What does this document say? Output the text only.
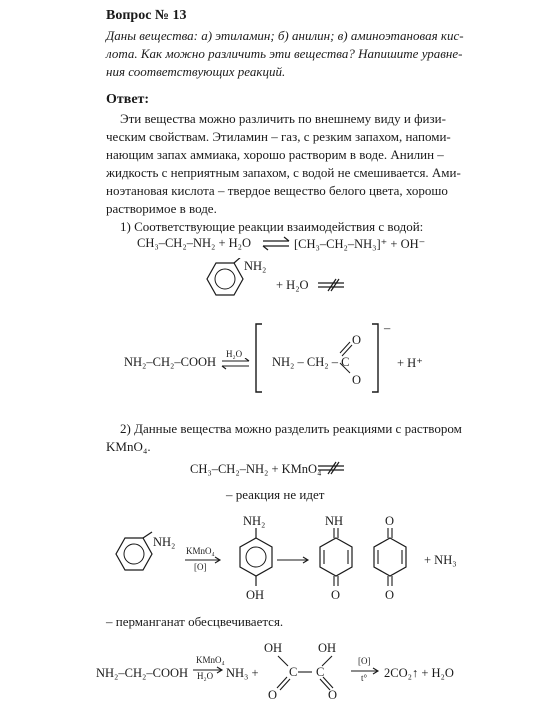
Вопрос № 13
Даны вещества: а) этиламин; б) анилин; в) аминоэтановая кис-
лота. Как можно различить эти вещества? Напишите уравне-
ния соответствующих реакций.
Ответ:
Эти вещества можно различить по внешнему виду и физи-
ческим свойствам. Этиламин – газ, с резким запахом, напоми-
нающим запах аммиака, хорошо растворим в воде. Анилин –
жидкость с неприятным запахом, с водой не смешивается. Ами-
ноэтановая кислота – твердое вещество белого цвета, хорошо
растворимое в воде.
1) Соответствующие реакции взаимодействия с водой:
CH₃–CH₂–NH₂ + H₂O ⇌ [CH₃–CH₂–NH₃]⁺ + OH⁻
NH₂
+ H₂O
NH₂–CH₂–COOH
H₂O
⇌ NH₂ – CH₂ – C
O
O
–
+ H⁺
2) Данные вещества можно разделить реакциями с раствором
KMnO₄.
CH₃–CH₂–NH₂ + KMnO₄
– реакция не идет
NH₂
KMnO₄
[O]
NH₂
OH
NH
O
O
O
+ NH₃
– перманганат обесцвечивается.
NH₂–CH₂–COOH
KMnO₄
H₂O NH₃ +
OH	OH
C C
O	O
[O]
t° 2CO₂↑ + H₂O
